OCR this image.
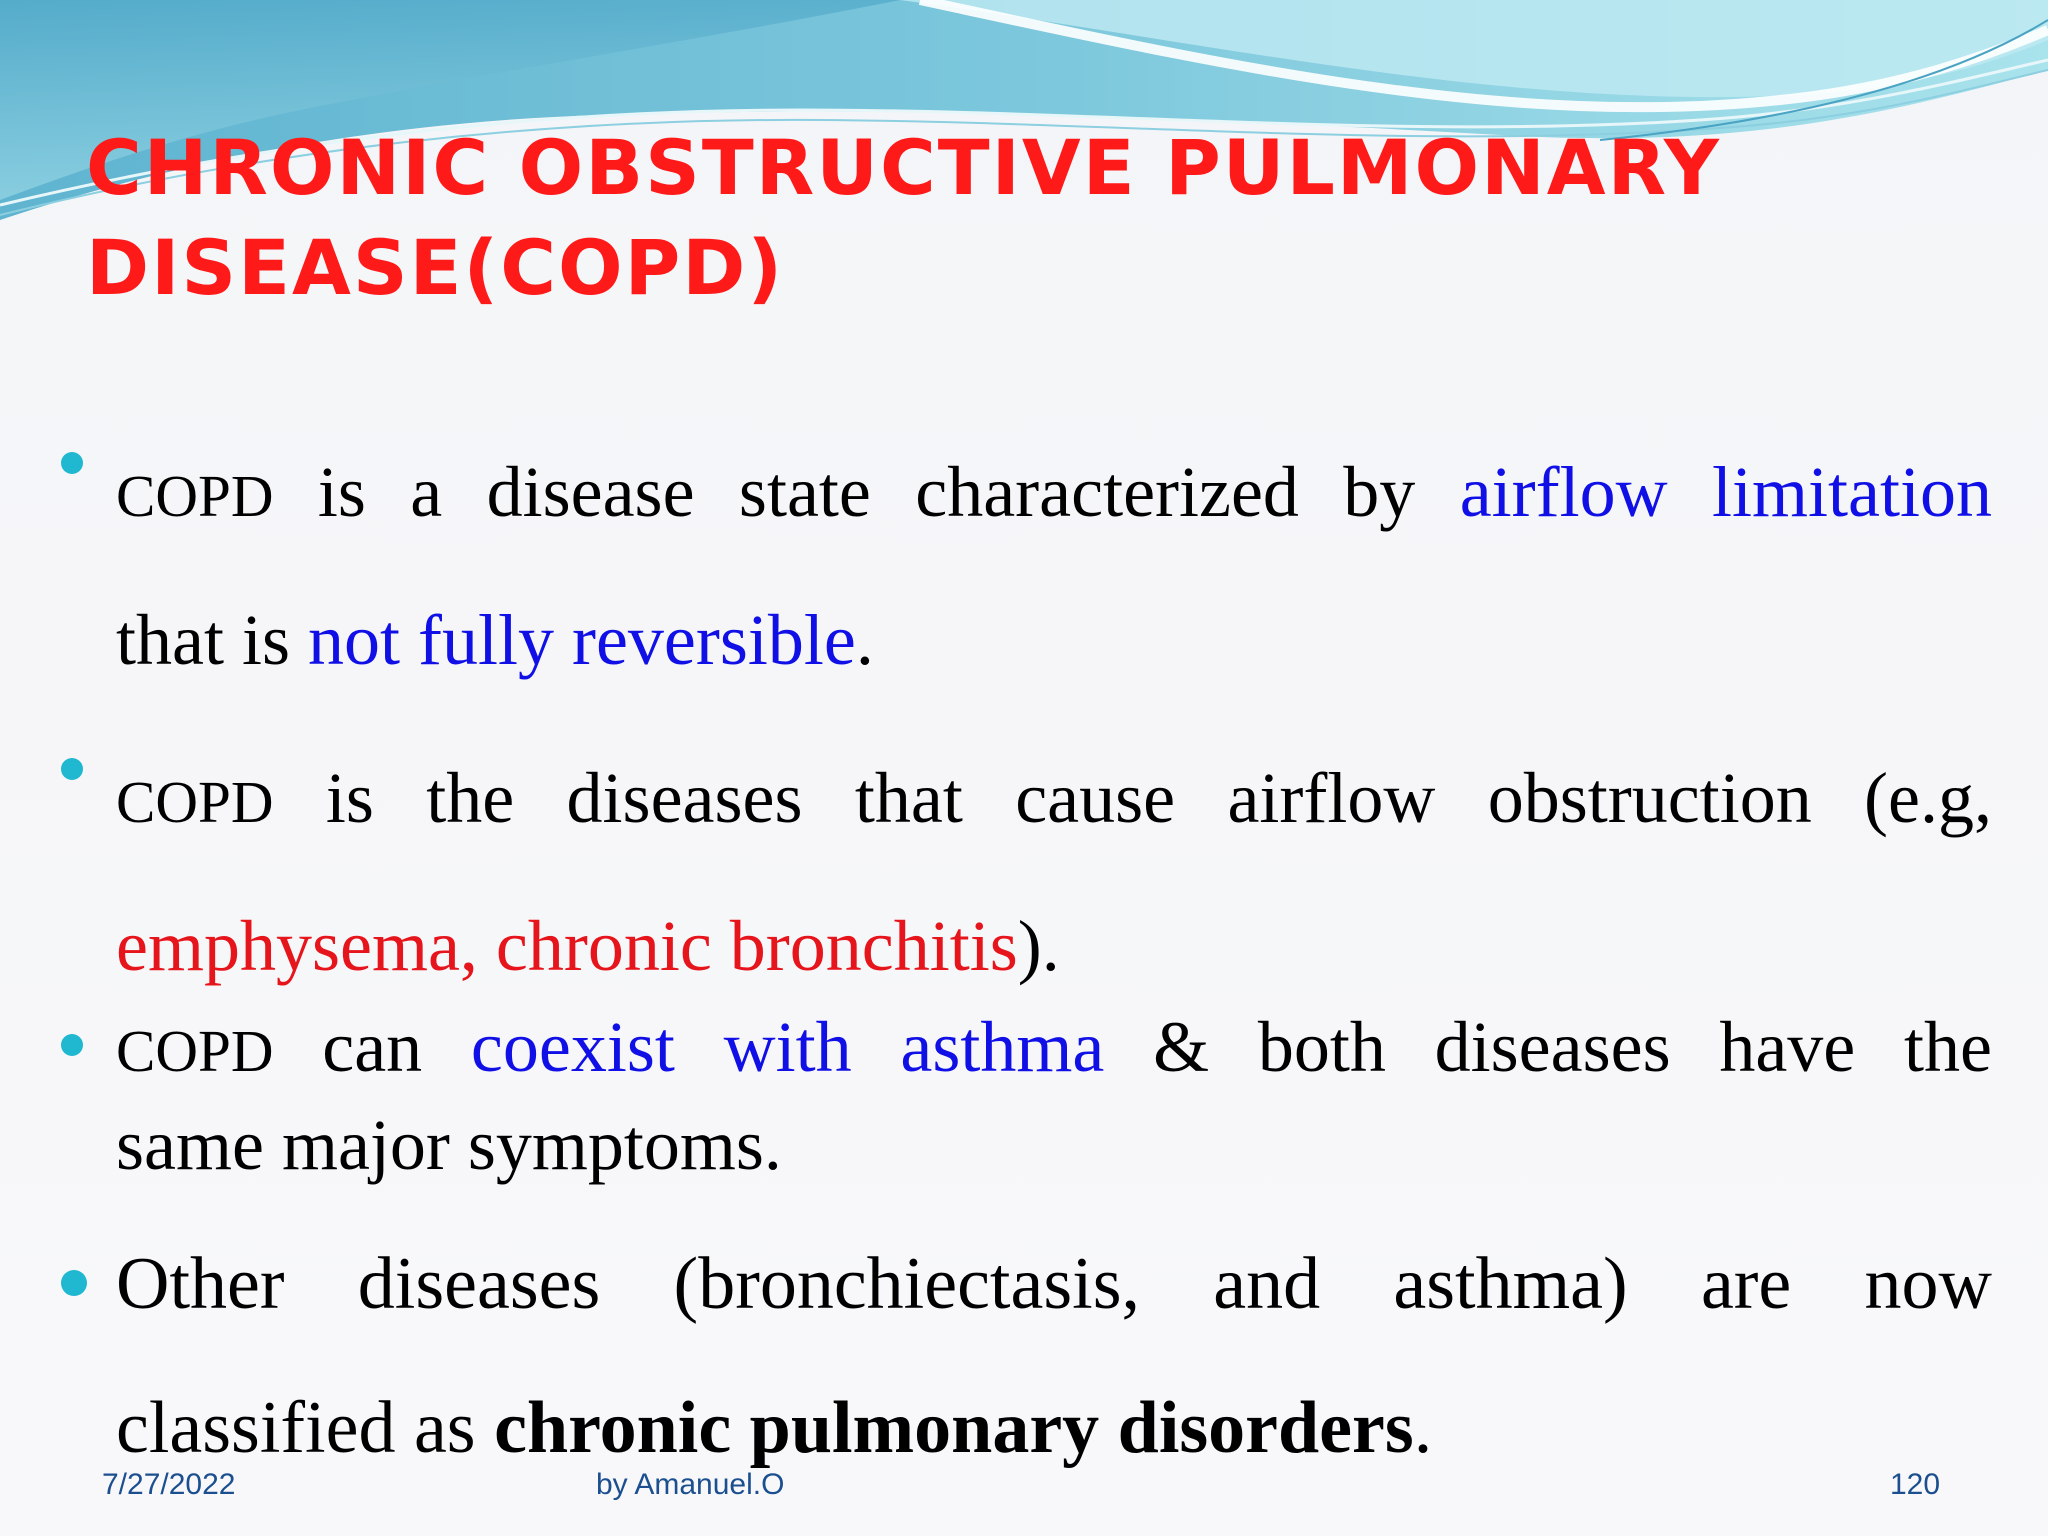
CHRONIC OBSTRUCTIVE PULMONARY
DISEASE(COPD)

COPD is a disease state characterized by airflow limitation
that is not fully reversible.

COPD is the diseases that cause airflow obstruction (e.g,
emphysema, chronic bronchitis).

COPD can coexist with asthma & both diseases have the
same major symptoms.

Other diseases (bronchiectasis, and asthma) are now
classified as chronic pulmonary disorders.

7/27/2022	by Amanuel.O	120
